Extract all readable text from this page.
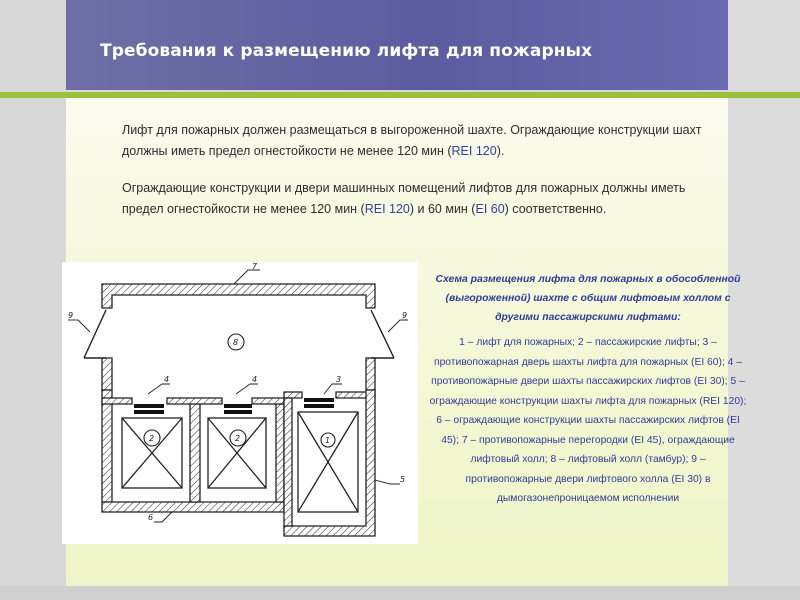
Требования к размещению лифта для пожарных
Лифт для пожарных должен размещаться в выгороженной шахте. Ограждающие конструкции шахт должны иметь предел огнестойкости не менее 120 мин (REI 120).
Ограждающие конструкции и двери машинных помещений лифтов для пожарных должны иметь предел огнестойкости не менее 120 мин (REI 120) и 60 мин (EI 60) соответственно.
7
9	9
8
4	4	3
2	2	1
5
6
Схема размещения лифта для пожарных в обособленной (выгороженной) шахте с общим лифтовым холлом с другими пассажирскими лифтами:
1 – лифт для пожарных; 2 – пассажирские лифты; 3 – противопожарная дверь шахты лифта для пожарных (EI 60); 4 – противопожарные двери шахты пассажирских лифтов (EI 30); 5 – ограждающие конструкции шахты лифта для пожарных (REI 120); 6 – ограждающие конструкции шахты пассажирских лифтов (EI 45); 7 – противопожарные перегородки (EI 45), ограждающие лифтовый холл; 8 – лифтовый холл (тамбур); 9 – противопожарные двери лифтового холла (EI 30) в дымогазонепроницаемом исполнении
